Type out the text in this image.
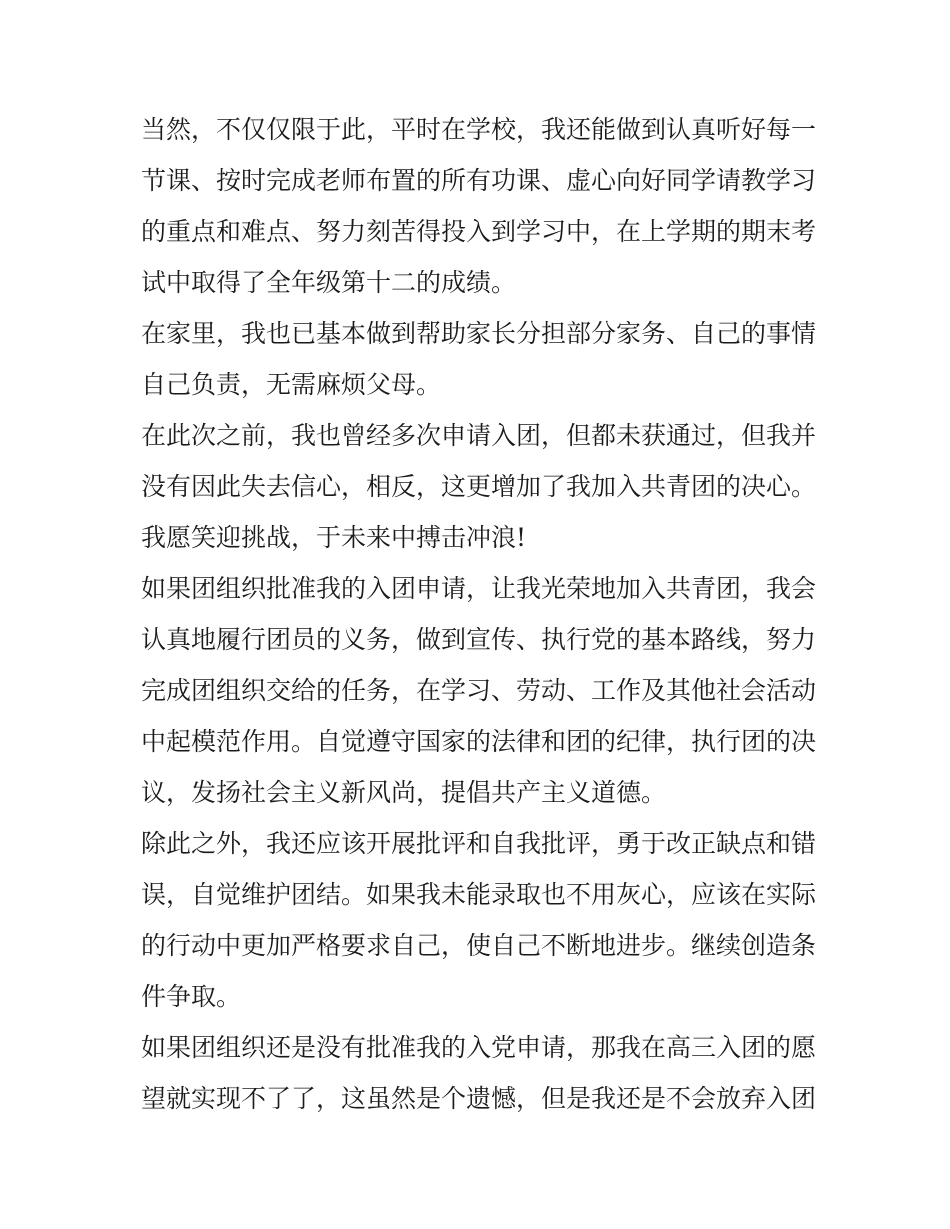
当然，不仅仅限于此，平时在学校，我还能做到认真听好每一
节课、按时完成老师布置的所有功课、虚心向好同学请教学习
的重点和难点、努力刻苦得投入到学习中，在上学期的期末考
试中取得了全年级第十二的成绩。
在家里，我也已基本做到帮助家长分担部分家务、自己的事情
自己负责，无需麻烦父母。
在此次之前，我也曾经多次申请入团，但都未获通过，但我并
没有因此失去信心，相反，这更增加了我加入共青团的决心。
我愿笑迎挑战，于未来中搏击冲浪!
如果团组织批准我的入团申请，让我光荣地加入共青团，我会
认真地履行团员的义务，做到宣传、执行党的基本路线，努力
完成团组织交给的任务，在学习、劳动、工作及其他社会活动
中起模范作用。自觉遵守国家的法律和团的纪律，执行团的决
议，发扬社会主义新风尚，提倡共产主义道德。
除此之外，我还应该开展批评和自我批评，勇于改正缺点和错
误，自觉维护团结。如果我未能录取也不用灰心，应该在实际
的行动中更加严格要求自己，使自己不断地进步。继续创造条
件争取。
如果团组织还是没有批准我的入党申请，那我在高三入团的愿
望就实现不了了，这虽然是个遗憾，但是我还是不会放弃入团
